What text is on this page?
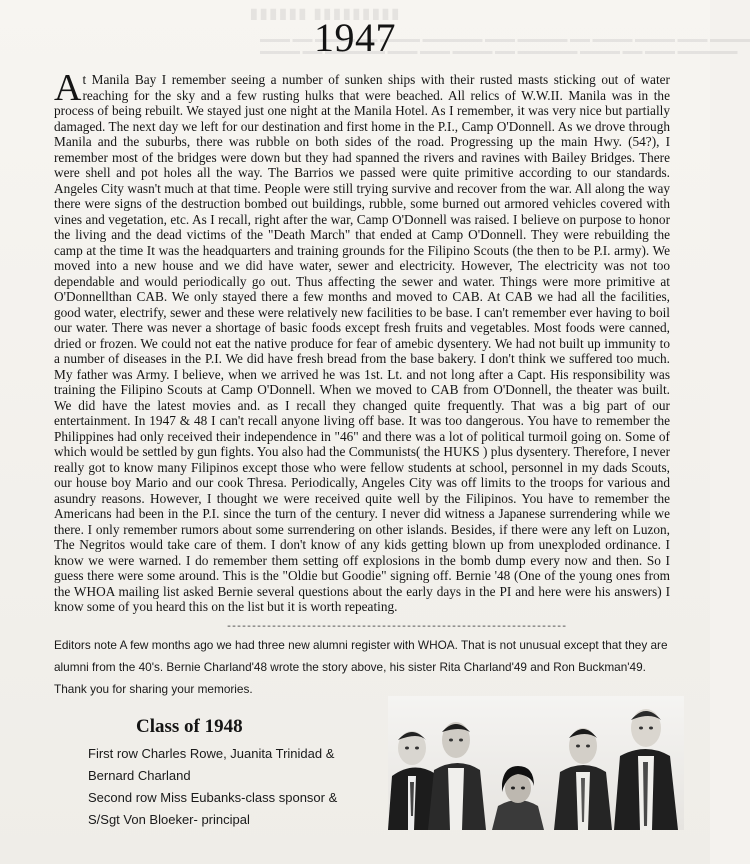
▮▮▮▮▮▮ ▮▮▮▮▮▮▮▮▮
▬▬▬ ▬▬ ▬▬▬▬ ▬▬ ▬▬▬▬ ▬▬▬▬▬▬ ▬▬▬ ▬▬▬▬▬ ▬▬ ▬▬▬▬ ▬▬▬▬ ▬▬▬ ▬▬▬▬
▬▬▬▬ ▬▬ ▬▬▬▬▬▬ ▬▬▬ ▬▬▬ ▬▬▬▬ ▬▬ ▬▬▬▬▬▬ ▬▬▬▬ ▬▬ ▬▬▬ ▬▬▬▬▬▬
1947

At Manila Bay I remember seeing a number of sunken ships with their rusted masts sticking out of water reaching for the sky and a few rusting hulks that were beached. All relics of W.W.II. Manila was in the process of being rebuilt. We stayed just one night at the Manila Hotel. As I remember, it was very nice but partially damaged. The next day we left for our destination and first home in the P.I., Camp O'Donnell. As we drove through Manila and the suburbs, there was rubble on both sides of the road. Progressing up the main Hwy. (54?), I remember most of the bridges were down but they had spanned the rivers and ravines with Bailey Bridges. There were shell and pot holes all the way. The Barrios we passed were quite primitive according to our standards. Angeles City wasn't much at that time. People were still trying survive and recover from the war. All along the way there were signs of the destruction bombed out buildings, rubble, some burned out armored vehicles covered with vines and vegetation, etc. As I recall, right after the war, Camp O'Donnell was raised. I believe on purpose to honor the living and the dead victims of the "Death March" that ended at Camp O'Donnell. They were rebuilding the camp at the time It was the headquarters and training grounds for the Filipino Scouts (the then to be P.I. army). We moved into a new house and we did have water, sewer and electricity. However, The electricity was not too dependable and would periodically go out. Thus affecting the sewer and water. Things were more primitive at O'Donnellthan CAB. We only stayed there a few months and moved to CAB. At CAB we had all the facilities, good water, electrify, sewer and these were relatively new facilities to be base. I can't remember ever having to boil our water. There was never a shortage of basic foods except fresh fruits and vegetables. Most foods were canned, dried or frozen. We could not eat the native produce for fear of amebic dysentery. We had not built up immunity to a number of diseases in the P.I. We did have fresh bread from the base bakery. I don't think we suffered too much. My father was Army. I believe, when we arrived he was 1st. Lt. and not long after a Capt. His responsibility was training the Filipino Scouts at Camp O'Donnell. When we moved to CAB from O'Donnell, the theater was built. We did have the latest movies and. as I recall they changed quite frequently. That was a big part of our entertainment. In 1947 & 48 I can't recall anyone living off base. It was too dangerous. You have to remember the Philippines had only received their independence in "46" and there was a lot of political turmoil going on. Some of which would be settled by gun fights. You also had the Communists( the HUKS ) plus dysentery. Therefore, I never really got to know many Filipinos except those who were fellow students at school, personnel in my dads Scouts, our house boy Mario and our cook Thresa. Periodically, Angeles City was off limits to the troops for various and asundry reasons. However, I thought we were received quite well by the Filipinos. You have to remember the Americans had been in the P.I. since the turn of the century. I never did witness a Japanese surrendering while we there. I only remember rumors about some surrendering on other islands. Besides, if there were any left on Luzon, The Negritos would take care of them. I don't know of any kids getting blown up from unexploded ordinance. I know we were warned. I do remember them setting off explosions in the bomb dump every now and then. So I guess there were some around. This is the "Oldie but Goodie" signing off. Bernie '48 (One of the young ones from the WHOA mailing list asked Bernie several questions about the early days in the PI and here were his answers) I know some of you heard this on the list but it is worth repeating.

--------------------------------------------------------------------

Editors note A few months ago we had three new alumni register with WHOA. That is not unusual except that they are alumni from the 40's. Bernie Charland'48 wrote the story above, his sister Rita Charland'49 and Ron Buckman'49. Thank you for sharing your memories.

Class of 1948
First row Charles Rowe, Juanita Trinidad &
Bernard Charland
Second row Miss Eubanks-class sponsor &
S/Sgt Von Bloeker- principal
